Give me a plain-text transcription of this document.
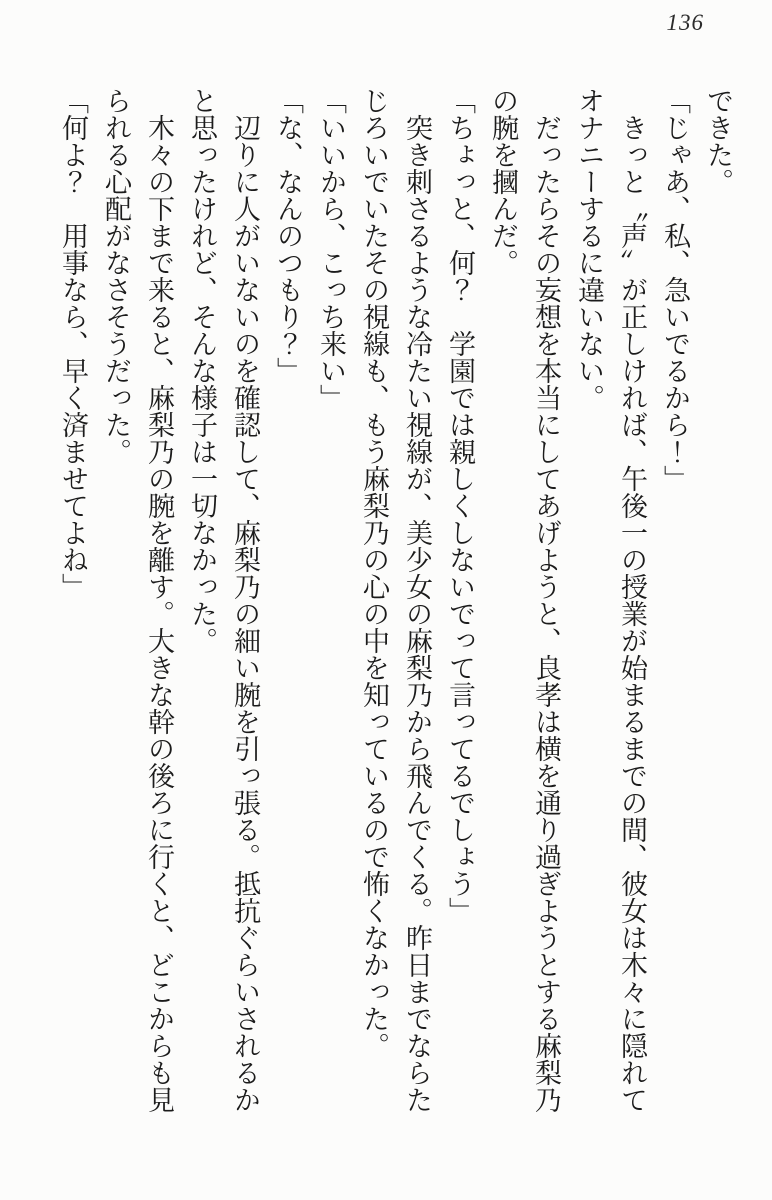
136

できた。

「じゃあ、私、急いでるから！」

きっと〝声〞が正しければ、午後一の授業が始まるまでの間、彼女は木々に隠れてオナニーするに違いない。

だったらその妄想を本当にしてあげようと、良孝は横を通り過ぎようとする麻梨乃の腕を摑んだ。

「ちょっと、何？　学園では親しくしないでって言ってるでしょう」

突き刺さるような冷たい視線が、美少女の麻梨乃から飛んでくる。昨日までならたじろいでいたその視線も、もう麻梨乃の心の中を知っているので怖くなかった。

「いいから、こっち来い」

「な、なんのつもり？」

辺りに人がいないのを確認して、麻梨乃の細い腕を引っ張る。抵抗ぐらいされるかと思ったけれど、そんな様子は一切なかった。

木々の下まで来ると、麻梨乃の腕を離す。大きな幹の後ろに行くと、どこからも見られる心配がなさそうだった。

「何よ？　用事なら、早く済ませてよね」
